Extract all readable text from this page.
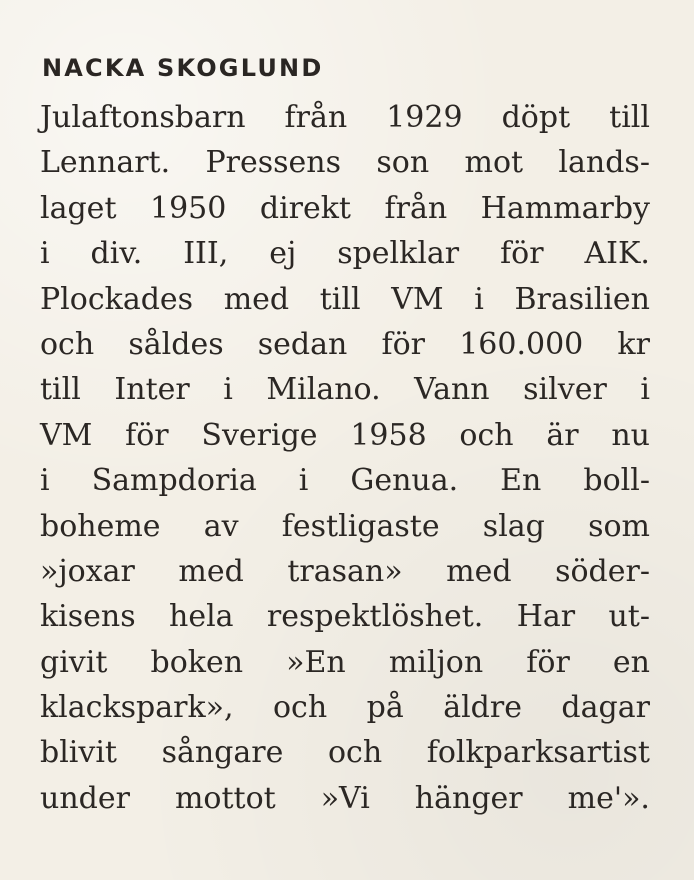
NACKA SKOGLUND
Julaftonsbarn från 1929 döpt till
Lennart. Pressens son mot lands-
laget 1950 direkt från Hammarby
i div. III, ej spelklar för AIK.
Plockades med till VM i Brasilien
och såldes sedan för 160.000 kr
till Inter i Milano. Vann silver i
VM för Sverige 1958 och är nu
i Sampdoria i Genua. En boll-
boheme av festligaste slag som
»joxar med trasan» med söder-
kisens hela respektlöshet. Har ut-
givit boken »En miljon för en
klackspark», och på äldre dagar
blivit sångare och folkparksartist
under mottot »Vi hänger me'».
